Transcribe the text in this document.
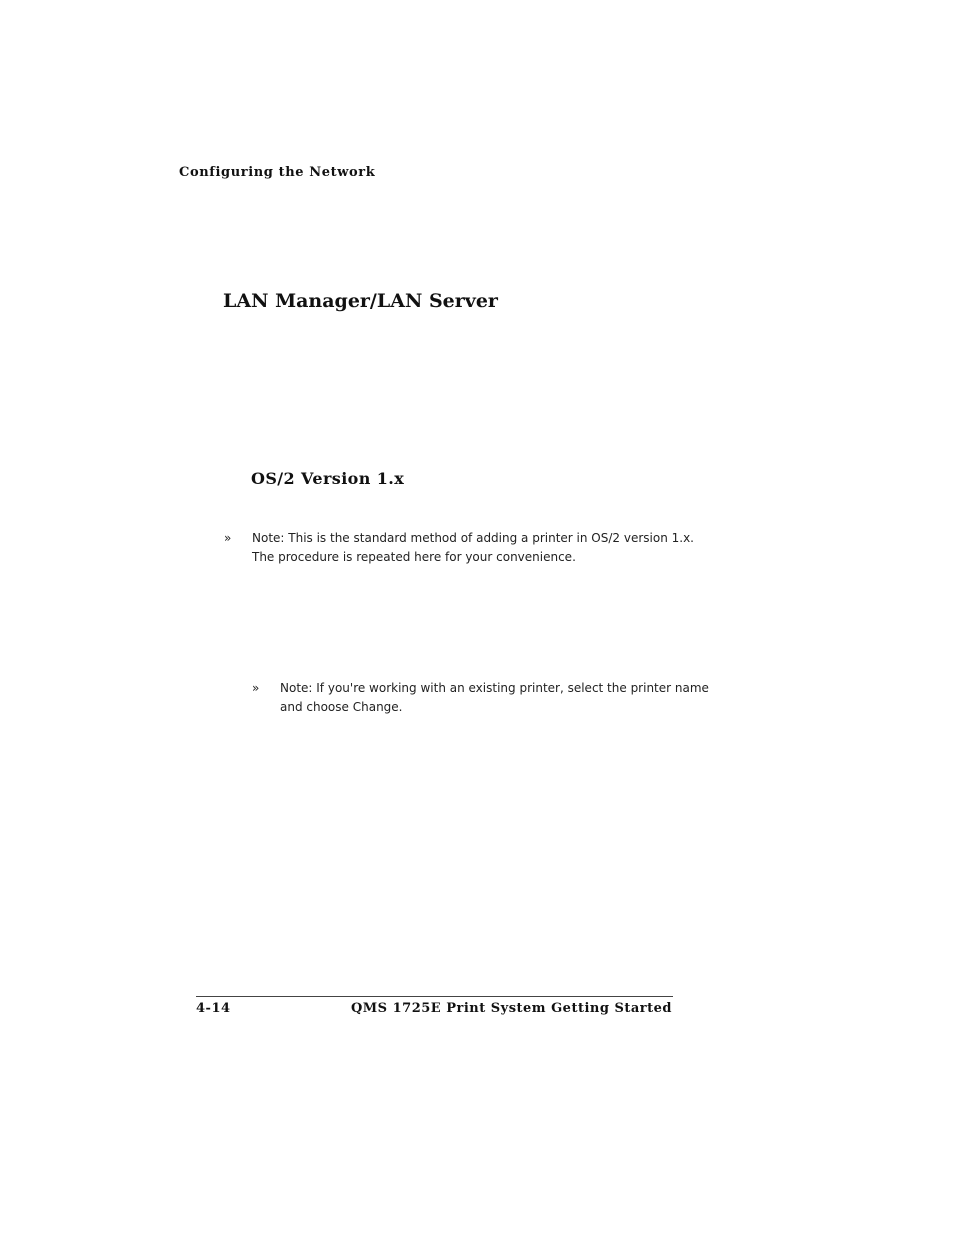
Configuring the Network
LAN Manager/LAN Server
OS/2 Version 1.x
» Note: This is the standard method of adding a printer in OS/2 version 1.x.
The procedure is repeated here for your convenience.
» Note: If you're working with an existing printer, select the printer name
and choose Change.
4-14	QMS 1725E Print System Getting Started
